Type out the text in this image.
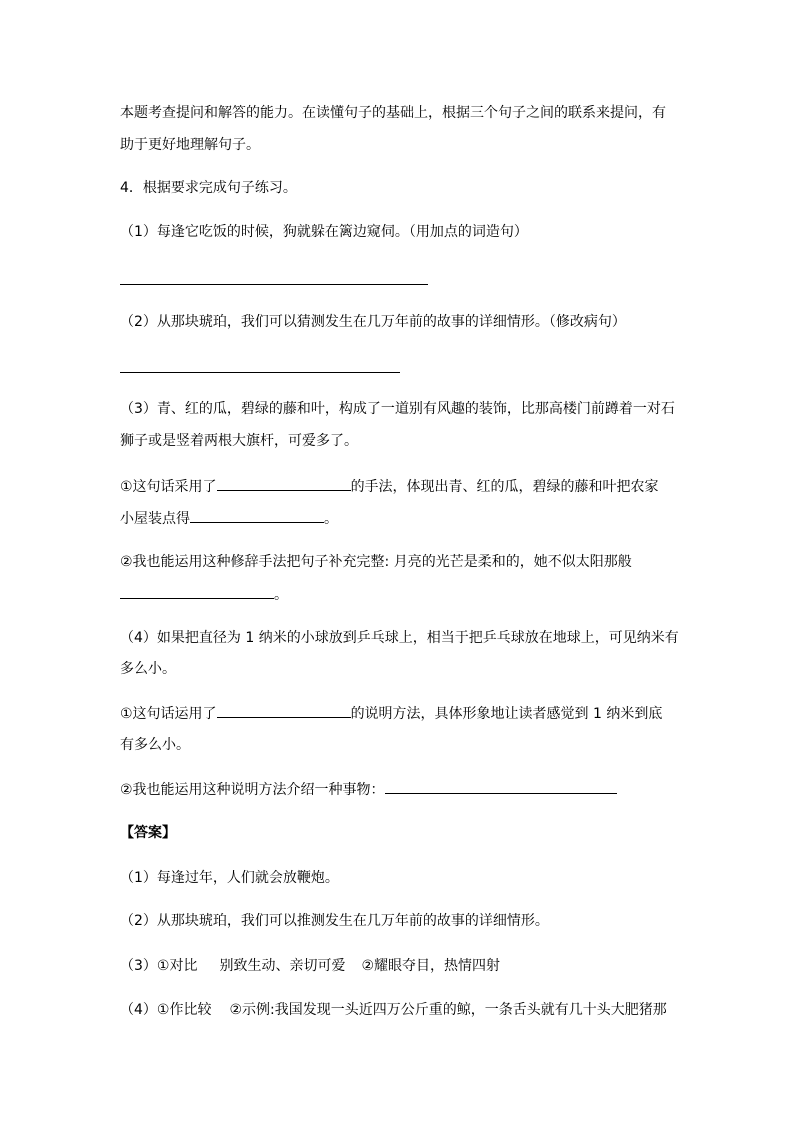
本题考查提问和解答的能力。在读懂句子的基础上，根据三个句子之间的联系来提问，有
助于更好地理解句子。
4．根据要求完成句子练习。
（1）每逢它吃饭的时候，狗就躲在篱边窥伺。（用加点的词造句）
（2）从那块琥珀，我们可以猜测发生在几万年前的故事的详细情形。（修改病句）
（3）青、红的瓜，碧绿的藤和叶，构成了一道别有风趣的装饰，比那高楼门前蹲着一对石
狮子或是竖着两根大旗杆，可爱多了。
①这句话采用了	的手法，体现出青、红的瓜，碧绿的藤和叶把农家
小屋装点得	。
②我也能运用这种修辞手法把句子补充完整: 月亮的光芒是柔和的，她不似太阳那般
。
（4）如果把直径为 1 纳米的小球放到乒乓球上，相当于把乒乓球放在地球上，可见纳米有
多么小。
①这句话运用了	的说明方法，具体形象地让读者感觉到 1 纳米到底
有多么小。
②我也能运用这种说明方法介绍一种事物：
【答案】
（1）每逢过年，人们就会放鞭炮。
（2）从那块琥珀，我们可以推测发生在几万年前的故事的详细情形。
（3）①对比 别致生动、亲切可爱 ②耀眼夺目，热情四射
（4）①作比较 ②示例:我国发现一头近四万公斤重的鲸，一条舌头就有几十头大肥猪那
